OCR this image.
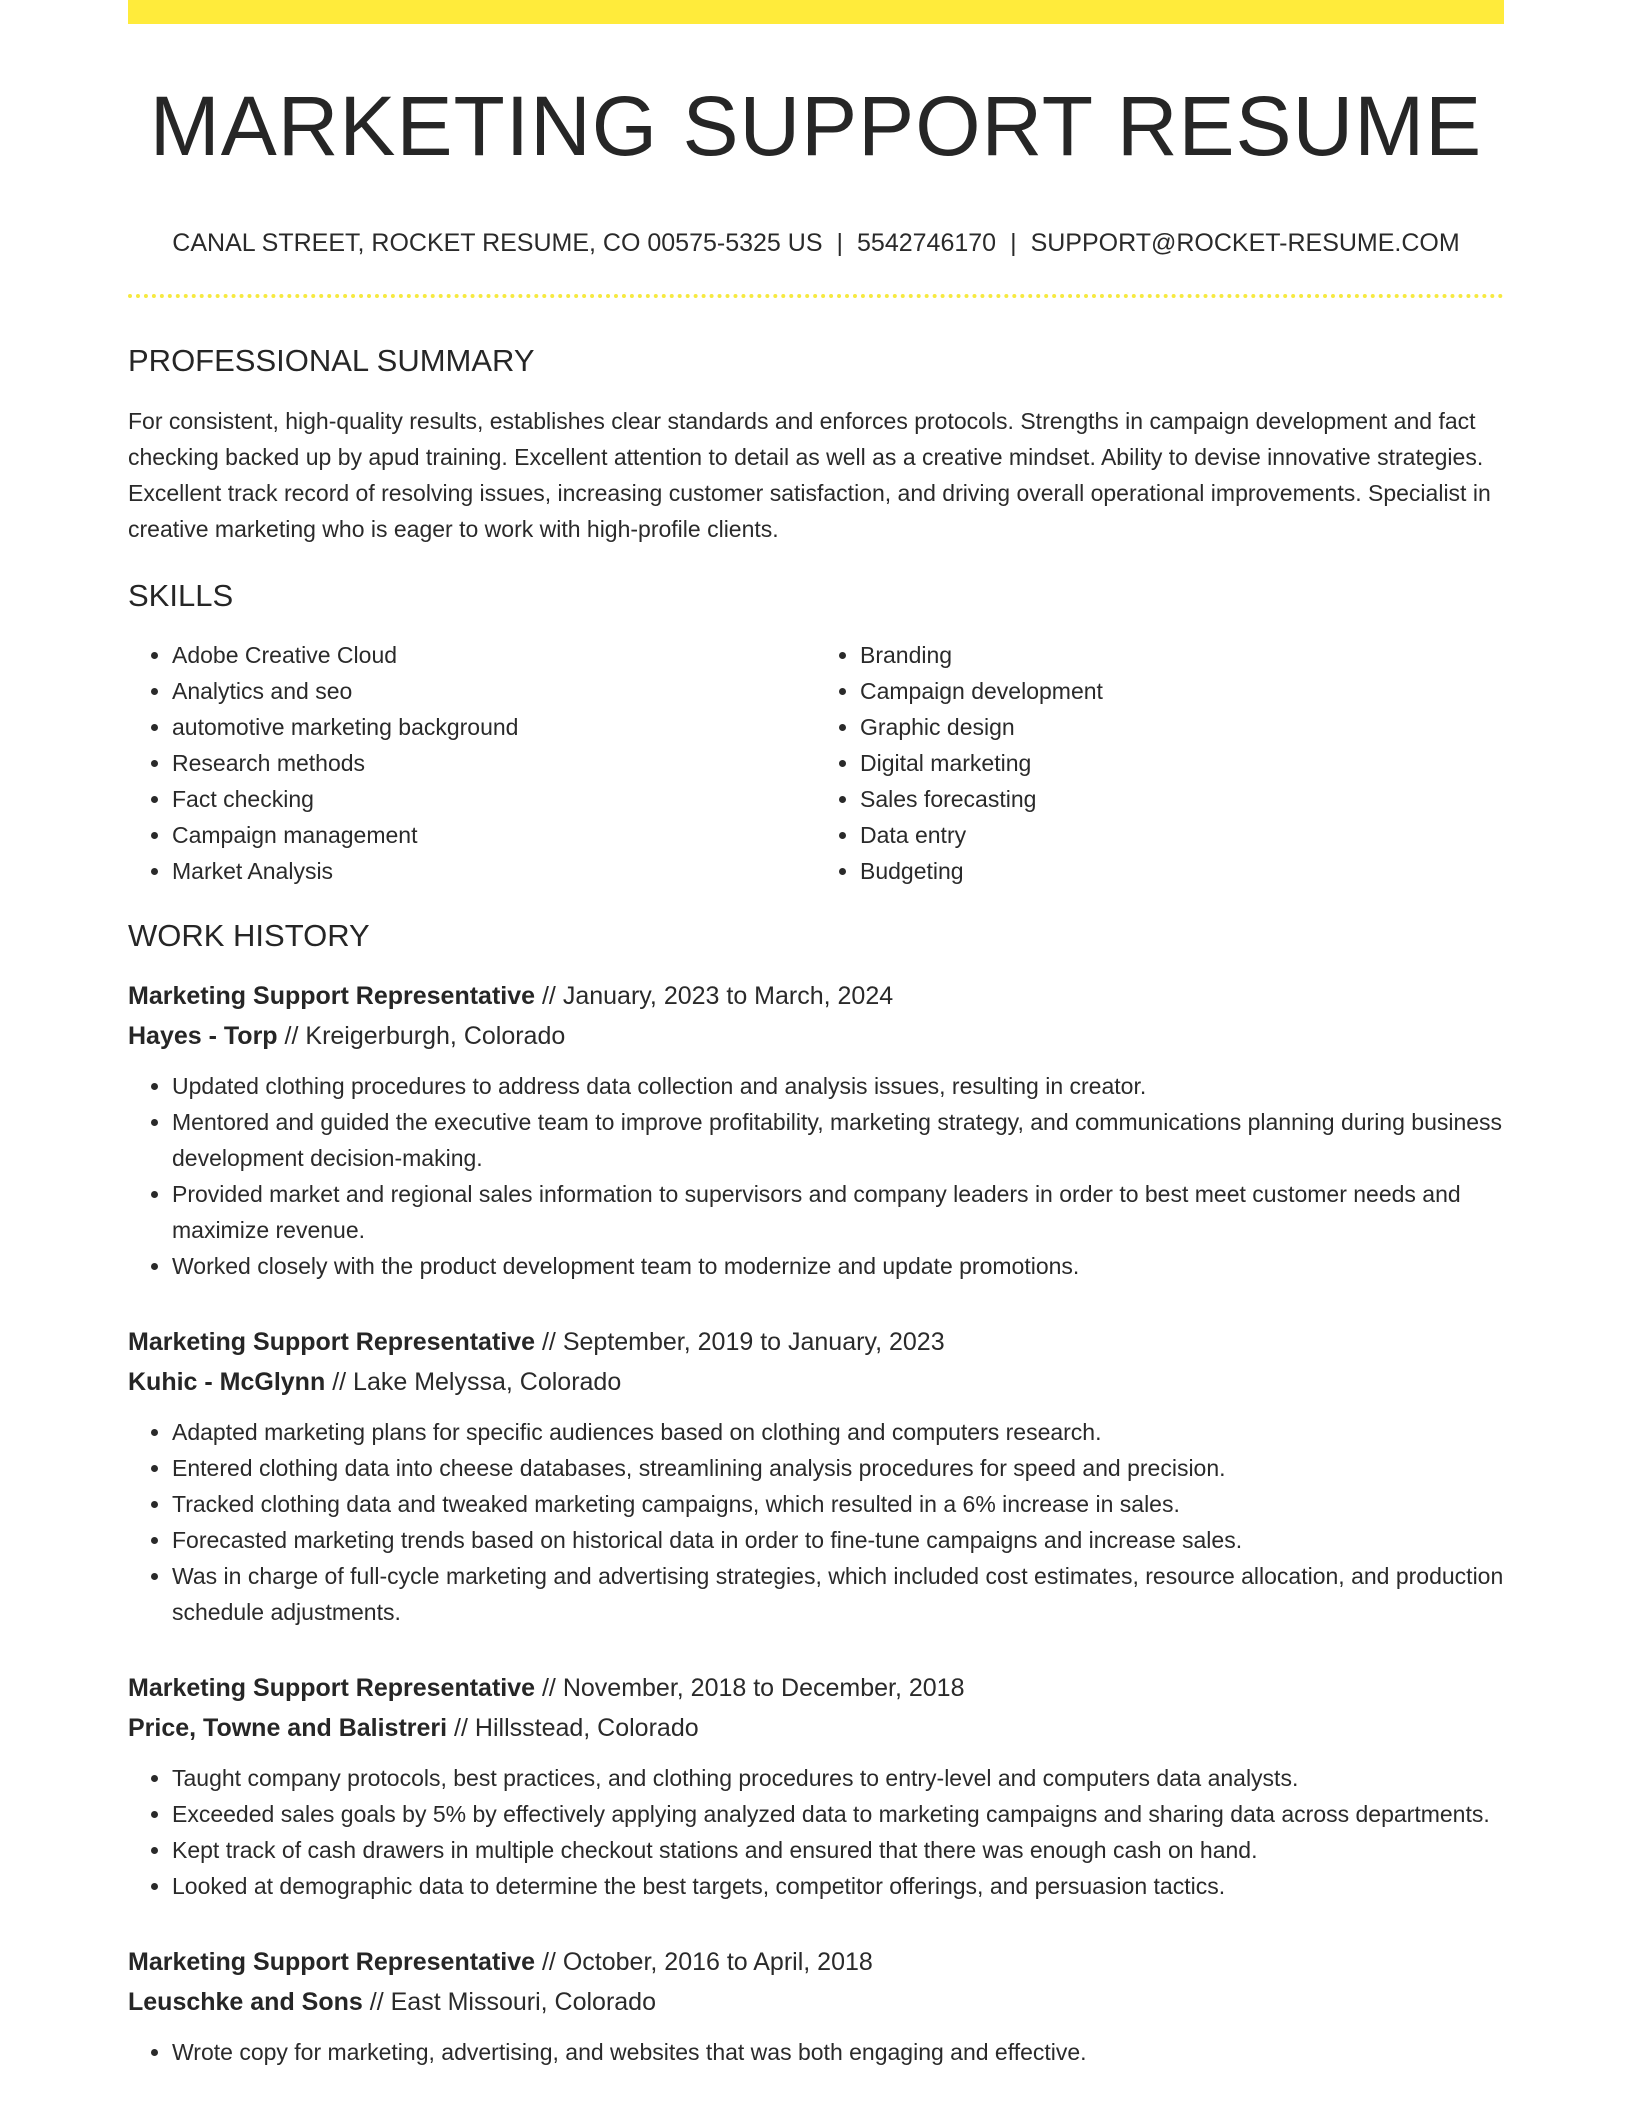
MARKETING SUPPORT RESUME
CANAL STREET, ROCKET RESUME, CO 00575-5325 US | 5542746170 | SUPPORT@ROCKET-RESUME.COM
PROFESSIONAL SUMMARY

For consistent, high-quality results, establishes clear standards and enforces protocols. Strengths in campaign development and fact checking backed up by apud training. Excellent attention to detail as well as a creative mindset. Ability to devise innovative strategies. Excellent track record of resolving issues, increasing customer satisfaction, and driving overall operational improvements. Specialist in creative marketing who is eager to work with high-profile clients.

SKILLS
• Adobe Creative Cloud
• Analytics and seo
• automotive marketing background
• Research methods
• Fact checking
• Campaign management
• Market Analysis
• Branding
• Campaign development
• Graphic design
• Digital marketing
• Sales forecasting
• Data entry
• Budgeting
WORK HISTORY
Marketing Support Representative // January, 2023 to March, 2024
Hayes - Torp // Kreigerburgh, Colorado
• Updated clothing procedures to address data collection and analysis issues, resulting in creator.
• Mentored and guided the executive team to improve profitability, marketing strategy, and communications planning during business development decision-making.
• Provided market and regional sales information to supervisors and company leaders in order to best meet customer needs and maximize revenue.
• Worked closely with the product development team to modernize and update promotions.
Marketing Support Representative // September, 2019 to January, 2023
Kuhic - McGlynn // Lake Melyssa, Colorado
• Adapted marketing plans for specific audiences based on clothing and computers research.
• Entered clothing data into cheese databases, streamlining analysis procedures for speed and precision.
• Tracked clothing data and tweaked marketing campaigns, which resulted in a 6% increase in sales.
• Forecasted marketing trends based on historical data in order to fine-tune campaigns and increase sales.
• Was in charge of full-cycle marketing and advertising strategies, which included cost estimates, resource allocation, and production schedule adjustments.
Marketing Support Representative // November, 2018 to December, 2018
Price, Towne and Balistreri // Hillsstead, Colorado
• Taught company protocols, best practices, and clothing procedures to entry-level and computers data analysts.
• Exceeded sales goals by 5% by effectively applying analyzed data to marketing campaigns and sharing data across departments.
• Kept track of cash drawers in multiple checkout stations and ensured that there was enough cash on hand.
• Looked at demographic data to determine the best targets, competitor offerings, and persuasion tactics.
Marketing Support Representative // October, 2016 to April, 2018
Leuschke and Sons // East Missouri, Colorado
• Wrote copy for marketing, advertising, and websites that was both engaging and effective.
